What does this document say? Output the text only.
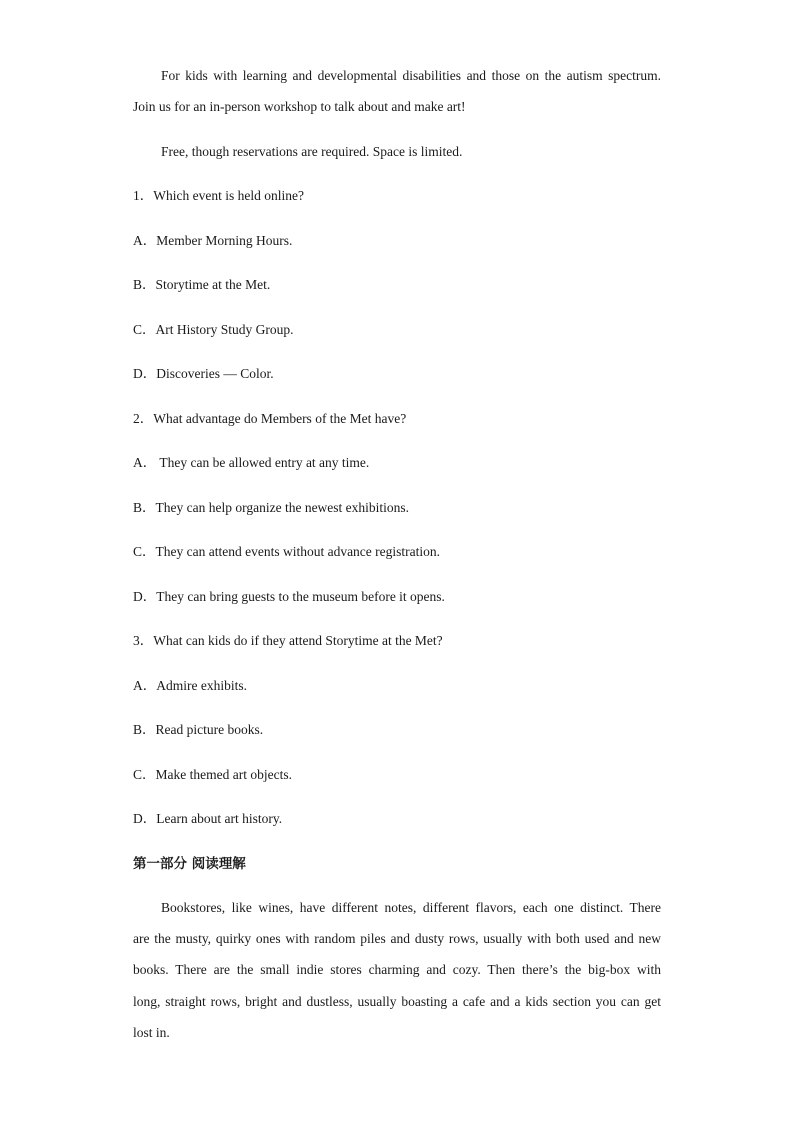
For kids with learning and developmental disabilities and those on the autism spectrum.
Join us for an in-person workshop to talk about and make art!
Free, though reservations are required. Space is limited.
1．Which event is held online?
A．Member Morning Hours.
B．Storytime at the Met.
C．Art History Study Group.
D．Discoveries — Color.
2．What advantage do Members of the Met have?
A． They can be allowed entry at any time.
B．They can help organize the newest exhibitions.
C．They can attend events without advance registration.
D．They can bring guests to the museum before it opens.
3．What can kids do if they attend Storytime at the Met?
A．Admire exhibits.
B．Read picture books.
C．Make themed art objects.
D．Learn about art history.
第一部分 阅读理解
Bookstores, like wines, have different notes, different flavors, each one distinct. There
are the musty, quirky ones with random piles and dusty rows, usually with both used and new
books. There are the small indie stores charming and cozy. Then there’s the big-box with
long, straight rows, bright and dustless, usually boasting a cafe and a kids section you can get
lost in.
